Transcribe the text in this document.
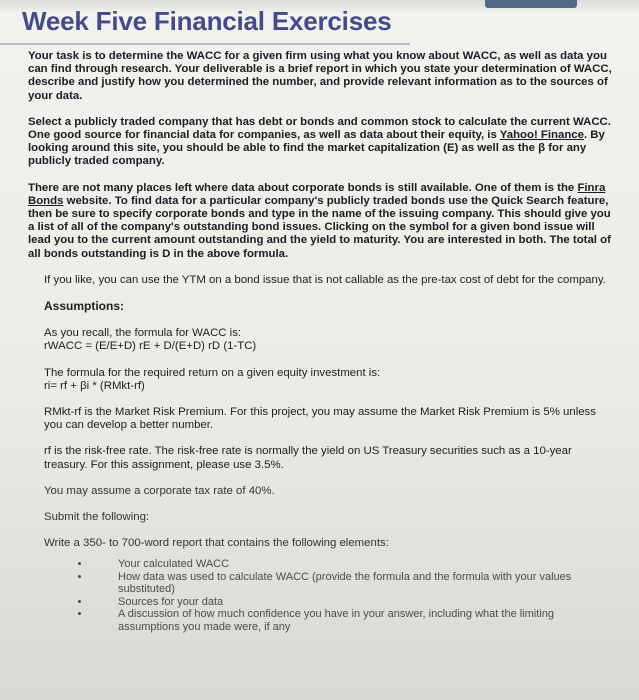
Week Five Financial Exercises

Your task is to determine the WACC for a given firm using what you know about WACC, as well as data you can find through research. Your deliverable is a brief report in which you state your determination of WACC, describe and justify how you determined the number, and provide relevant information as to the sources of your data.

Select a publicly traded company that has debt or bonds and common stock to calculate the current WACC. One good source for financial data for companies, as well as data about their equity, is Yahoo! Finance. By looking around this site, you should be able to find the market capitalization (E) as well as the β for any publicly traded company.

There are not many places left where data about corporate bonds is still available. One of them is the Finra Bonds website. To find data for a particular company's publicly traded bonds use the Quick Search feature, then be sure to specify corporate bonds and type in the name of the issuing company. This should give you a list of all of the company's outstanding bond issues. Clicking on the symbol for a given bond issue will lead you to the current amount outstanding and the yield to maturity. You are interested in both. The total of all bonds outstanding is D in the above formula.

If you like, you can use the YTM on a bond issue that is not callable as the pre-tax cost of debt for the company.

Assumptions:

As you recall, the formula for WACC is:
rWACC = (E/E+D) rE + D/(E+D) rD (1-TC)

The formula for the required return on a given equity investment is:
ri= rf + βi * (RMkt-rf)

RMkt-rf is the Market Risk Premium. For this project, you may assume the Market Risk Premium is 5% unless you can develop a better number.

rf is the risk-free rate. The risk-free rate is normally the yield on US Treasury securities such as a 10-year treasury. For this assignment, please use 3.5%.

You may assume a corporate tax rate of 40%.

Submit the following:

Write a 350- to 700-word report that contains the following elements:

Your calculated WACC
How data was used to calculate WACC (provide the formula and the formula with your values substituted)
Sources for your data
A discussion of how much confidence you have in your answer, including what the limiting assumptions you made were, if any
